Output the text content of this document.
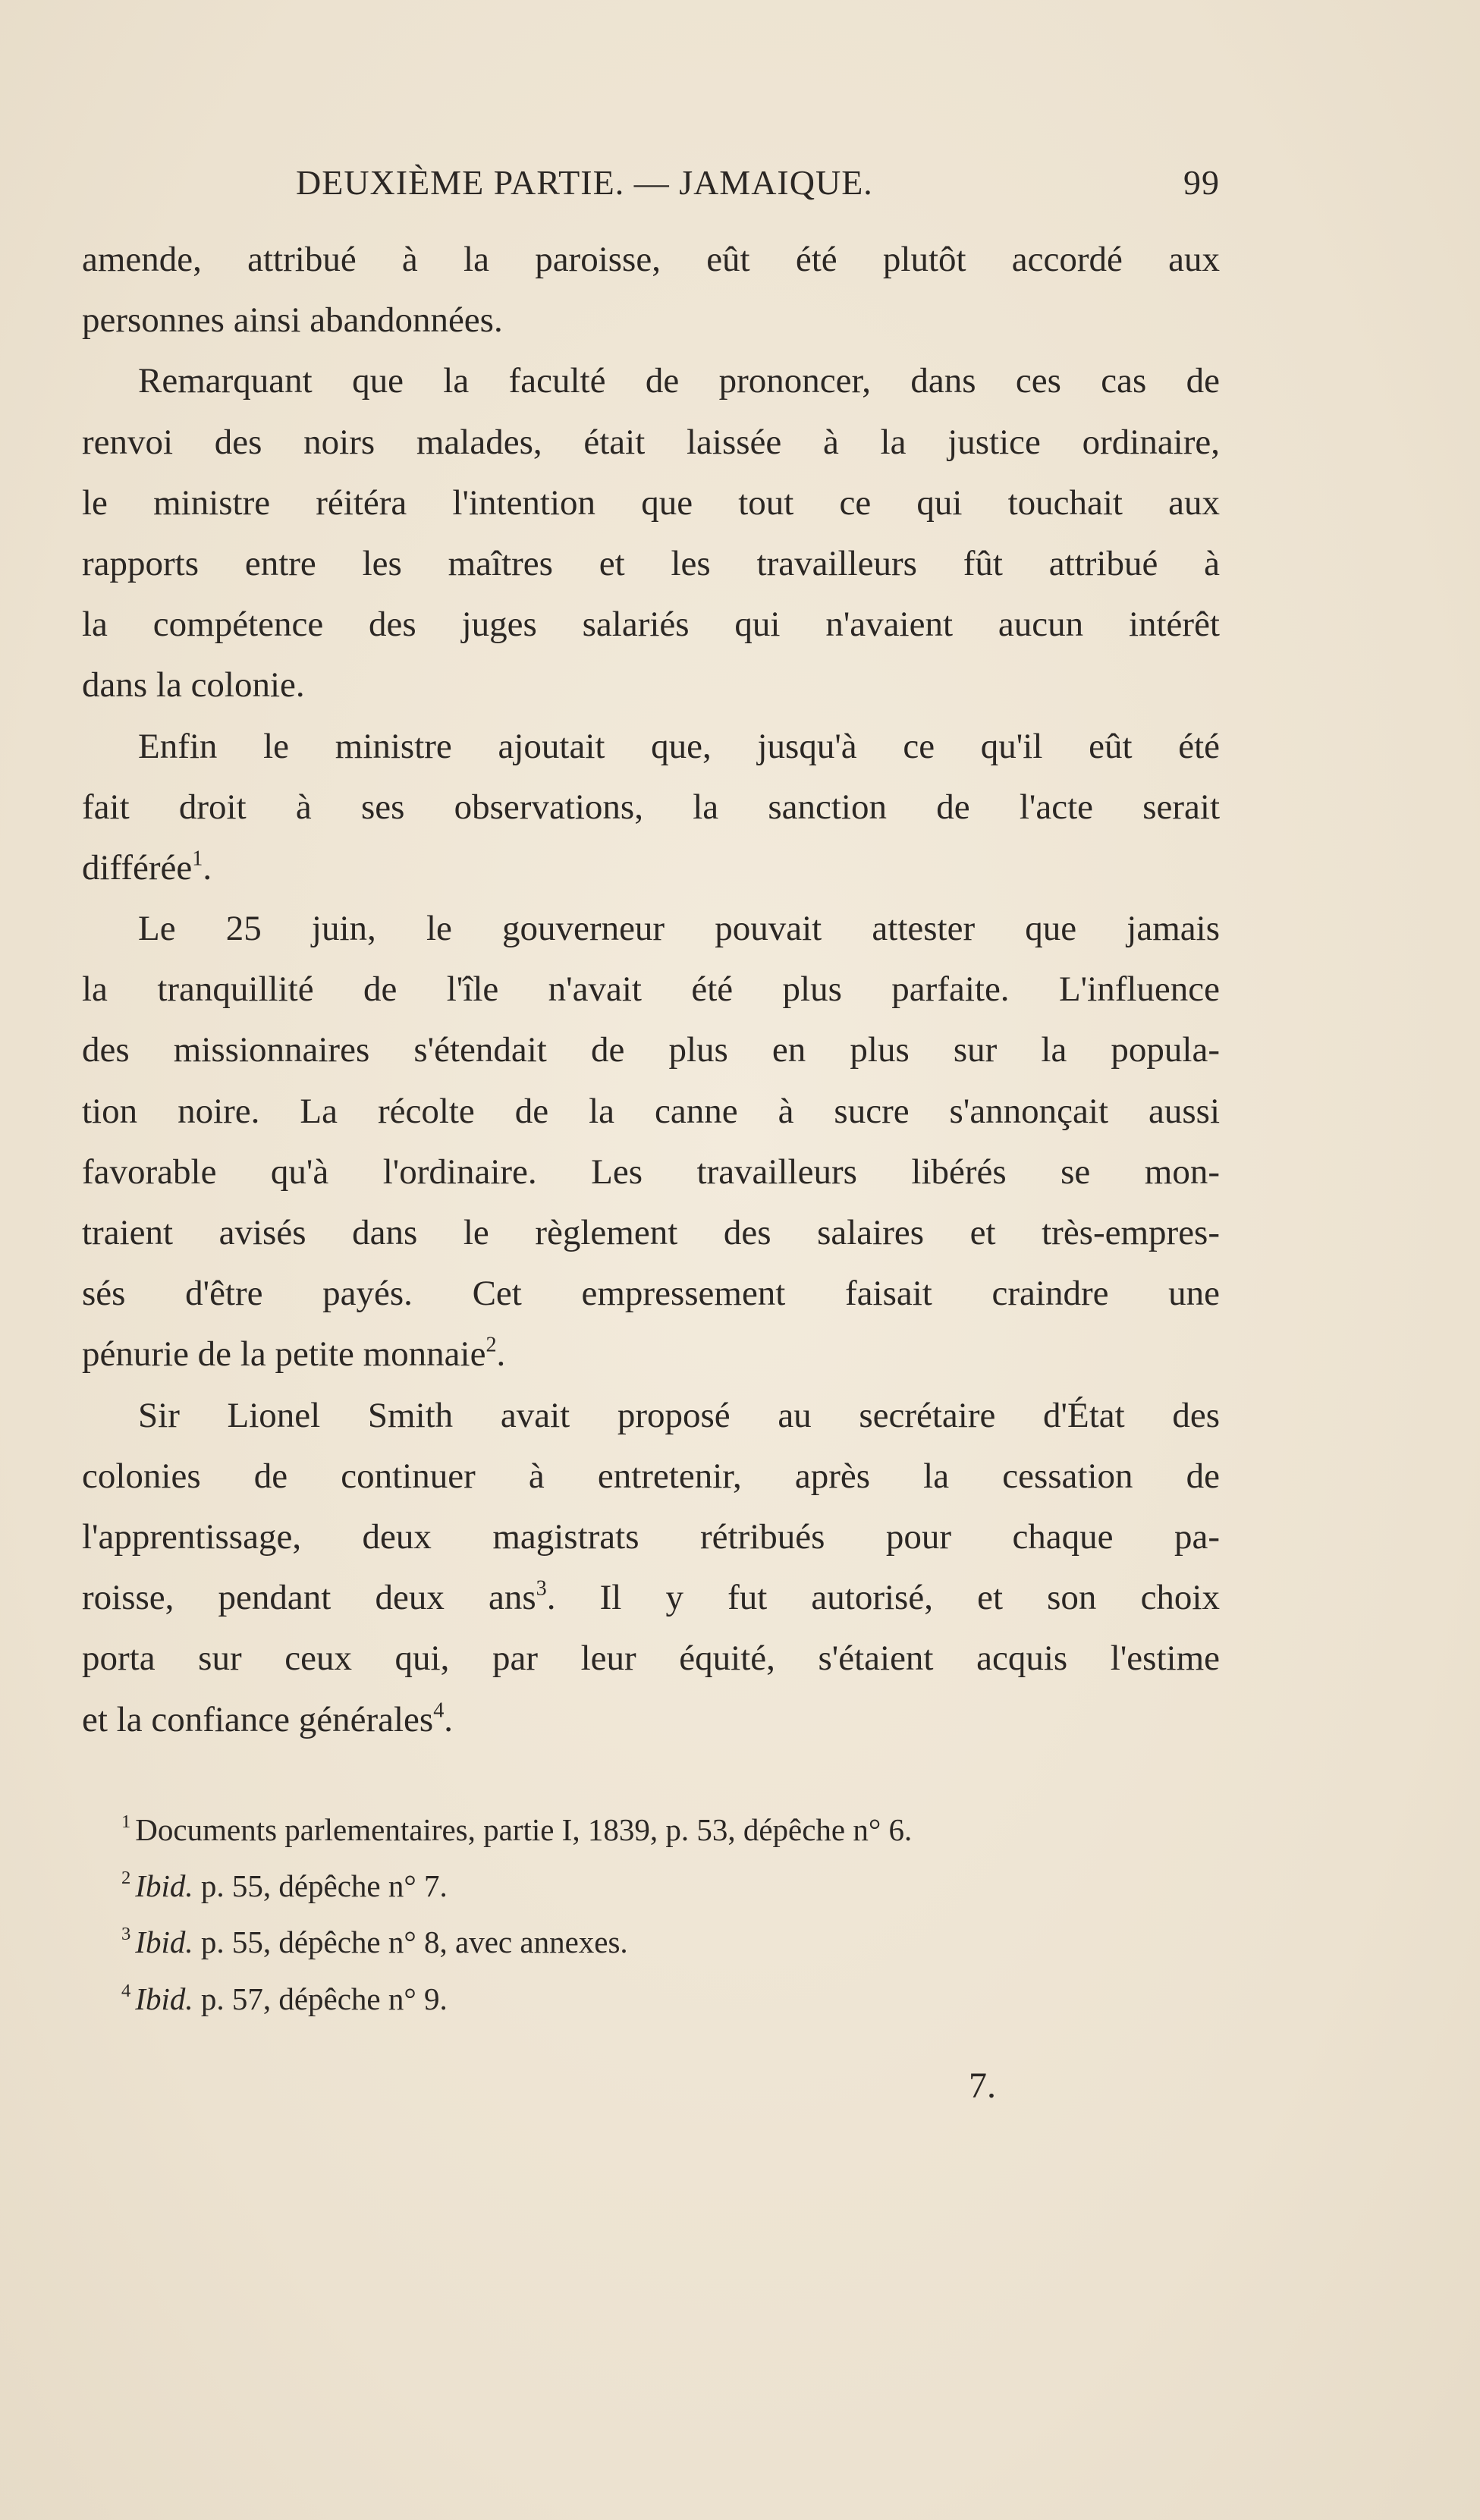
DEUXIÈME PARTIE. — JAMAIQUE.	99

amende, attribué à la paroisse, eût été plutôt accordé aux
personnes ainsi abandonnées.

Remarquant que la faculté de prononcer, dans ces cas de
renvoi des noirs malades, était laissée à la justice ordinaire,
le ministre réitéra l'intention que tout ce qui touchait aux
rapports entre les maîtres et les travailleurs fût attribué à
la compétence des juges salariés qui n'avaient aucun intérêt
dans la colonie.

Enfin le ministre ajoutait que, jusqu'à ce qu'il eût été
fait droit à ses observations, la sanction de l'acte serait
différée$^1$.

Le 25 juin, le gouverneur pouvait attester que jamais
la tranquillité de l'île n'avait été plus parfaite. L'influence
des missionnaires s'étendait de plus en plus sur la popula-
tion noire. La récolte de la canne à sucre s'annonçait aussi
favorable qu'à l'ordinaire. Les travailleurs libérés se mon-
traient avisés dans le règlement des salaires et très-empres-
sés d'être payés. Cet empressement faisait craindre une
pénurie de la petite monnaie$^2$.

Sir Lionel Smith avait proposé au secrétaire d'État des
colonies de continuer à entretenir, après la cessation de
l'apprentissage, deux magistrats rétribués pour chaque pa-
roisse, pendant deux ans$^3$. Il y fut autorisé, et son choix
porta sur ceux qui, par leur équité, s'étaient acquis l'estime
et la confiance générales$^4$.

$^1$ Documents parlementaires, partie I, 1839, p. 53, dépêche n° 6.
$^2$ Ibid. p. 55, dépêche n° 7.
$^3$ Ibid. p. 55, dépêche n° 8, avec annexes.
$^4$ Ibid. p. 57, dépêche n° 9.
7.
